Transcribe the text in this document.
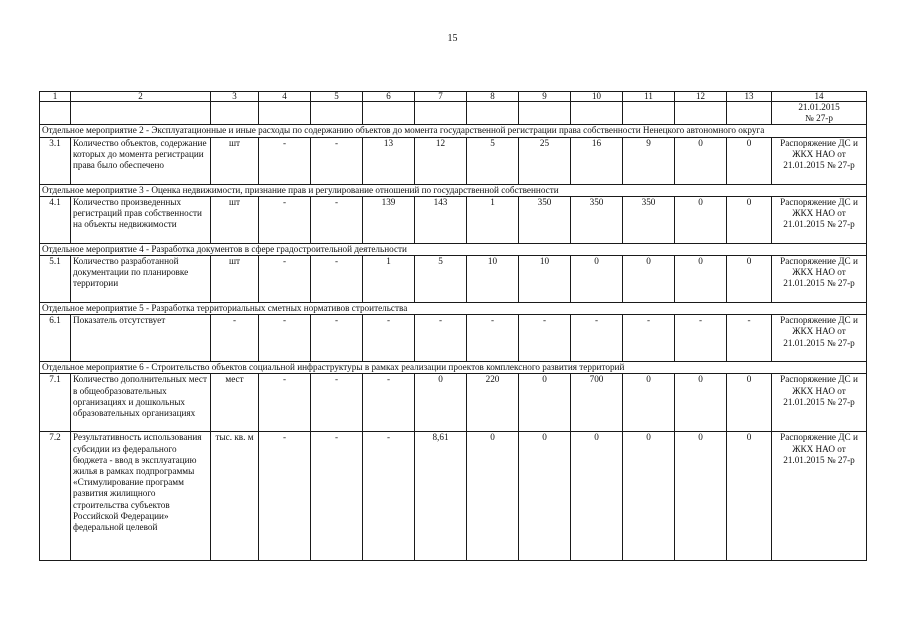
15
1	2	3	4	5	6	7	8	9	10	11	12	13	14
													21.01.2015
№ 27-р
Отдельное мероприятие 2 - Эксплуатационные и иные расходы по содержанию объектов до момента государственной регистрации права собственности Ненецкого автономного округа													
3.1	Количество объектов, содержание которых до момента регистрации права было обеспечено	шт	-	-	13	12	5	25	16	9	0	0	Распоряжение ДС и ЖКХ НАО от 21.01.2015 № 27-р
Отдельное мероприятие 3 - Оценка недвижимости, признание прав и регулирование отношений по государственной собственности													
4.1	Количество произведенных регистраций прав собственности на объекты недвижимости	шт	-	-	139	143	1	350	350	350	0	0	Распоряжение ДС и ЖКХ НАО от 21.01.2015 № 27-р
Отдельное мероприятие 4 - Разработка документов в сфере градостроительной деятельности													
5.1	Количество разработанной документации по планировке территории	шт	-	-	1	5	10	10	0	0	0	0	Распоряжение ДС и ЖКХ НАО от 21.01.2015 № 27-р
Отдельное мероприятие 5 - Разработка территориальных сметных нормативов строительства													
6.1	Показатель отсутствует	-	-	-	-	-	-	-	-	-	-	-	Распоряжение ДС и ЖКХ НАО от 21.01.2015 № 27-р
Отдельное мероприятие 6 - Строительство объектов социальной инфраструктуры в рамках реализации проектов комплексного развития территорий													
7.1	Количество дополнительных мест в общеобразовательных организациях и дошкольных образовательных организациях	мест	-	-	-	0	220	0	700	0	0	0	Распоряжение ДС и ЖКХ НАО от 21.01.2015 № 27-р
7.2	Результативность использования субсидии из федерального бюджета - ввод в эксплуатацию жилья в рамках подпрограммы «Стимулирование программ развития жилищного строительства субъектов Российской Федерации» федеральной целевой	тыс. кв. м	-	-	-	8,61	0	0	0	0	0	0	Распоряжение ДС и ЖКХ НАО от 21.01.2015 № 27-р
